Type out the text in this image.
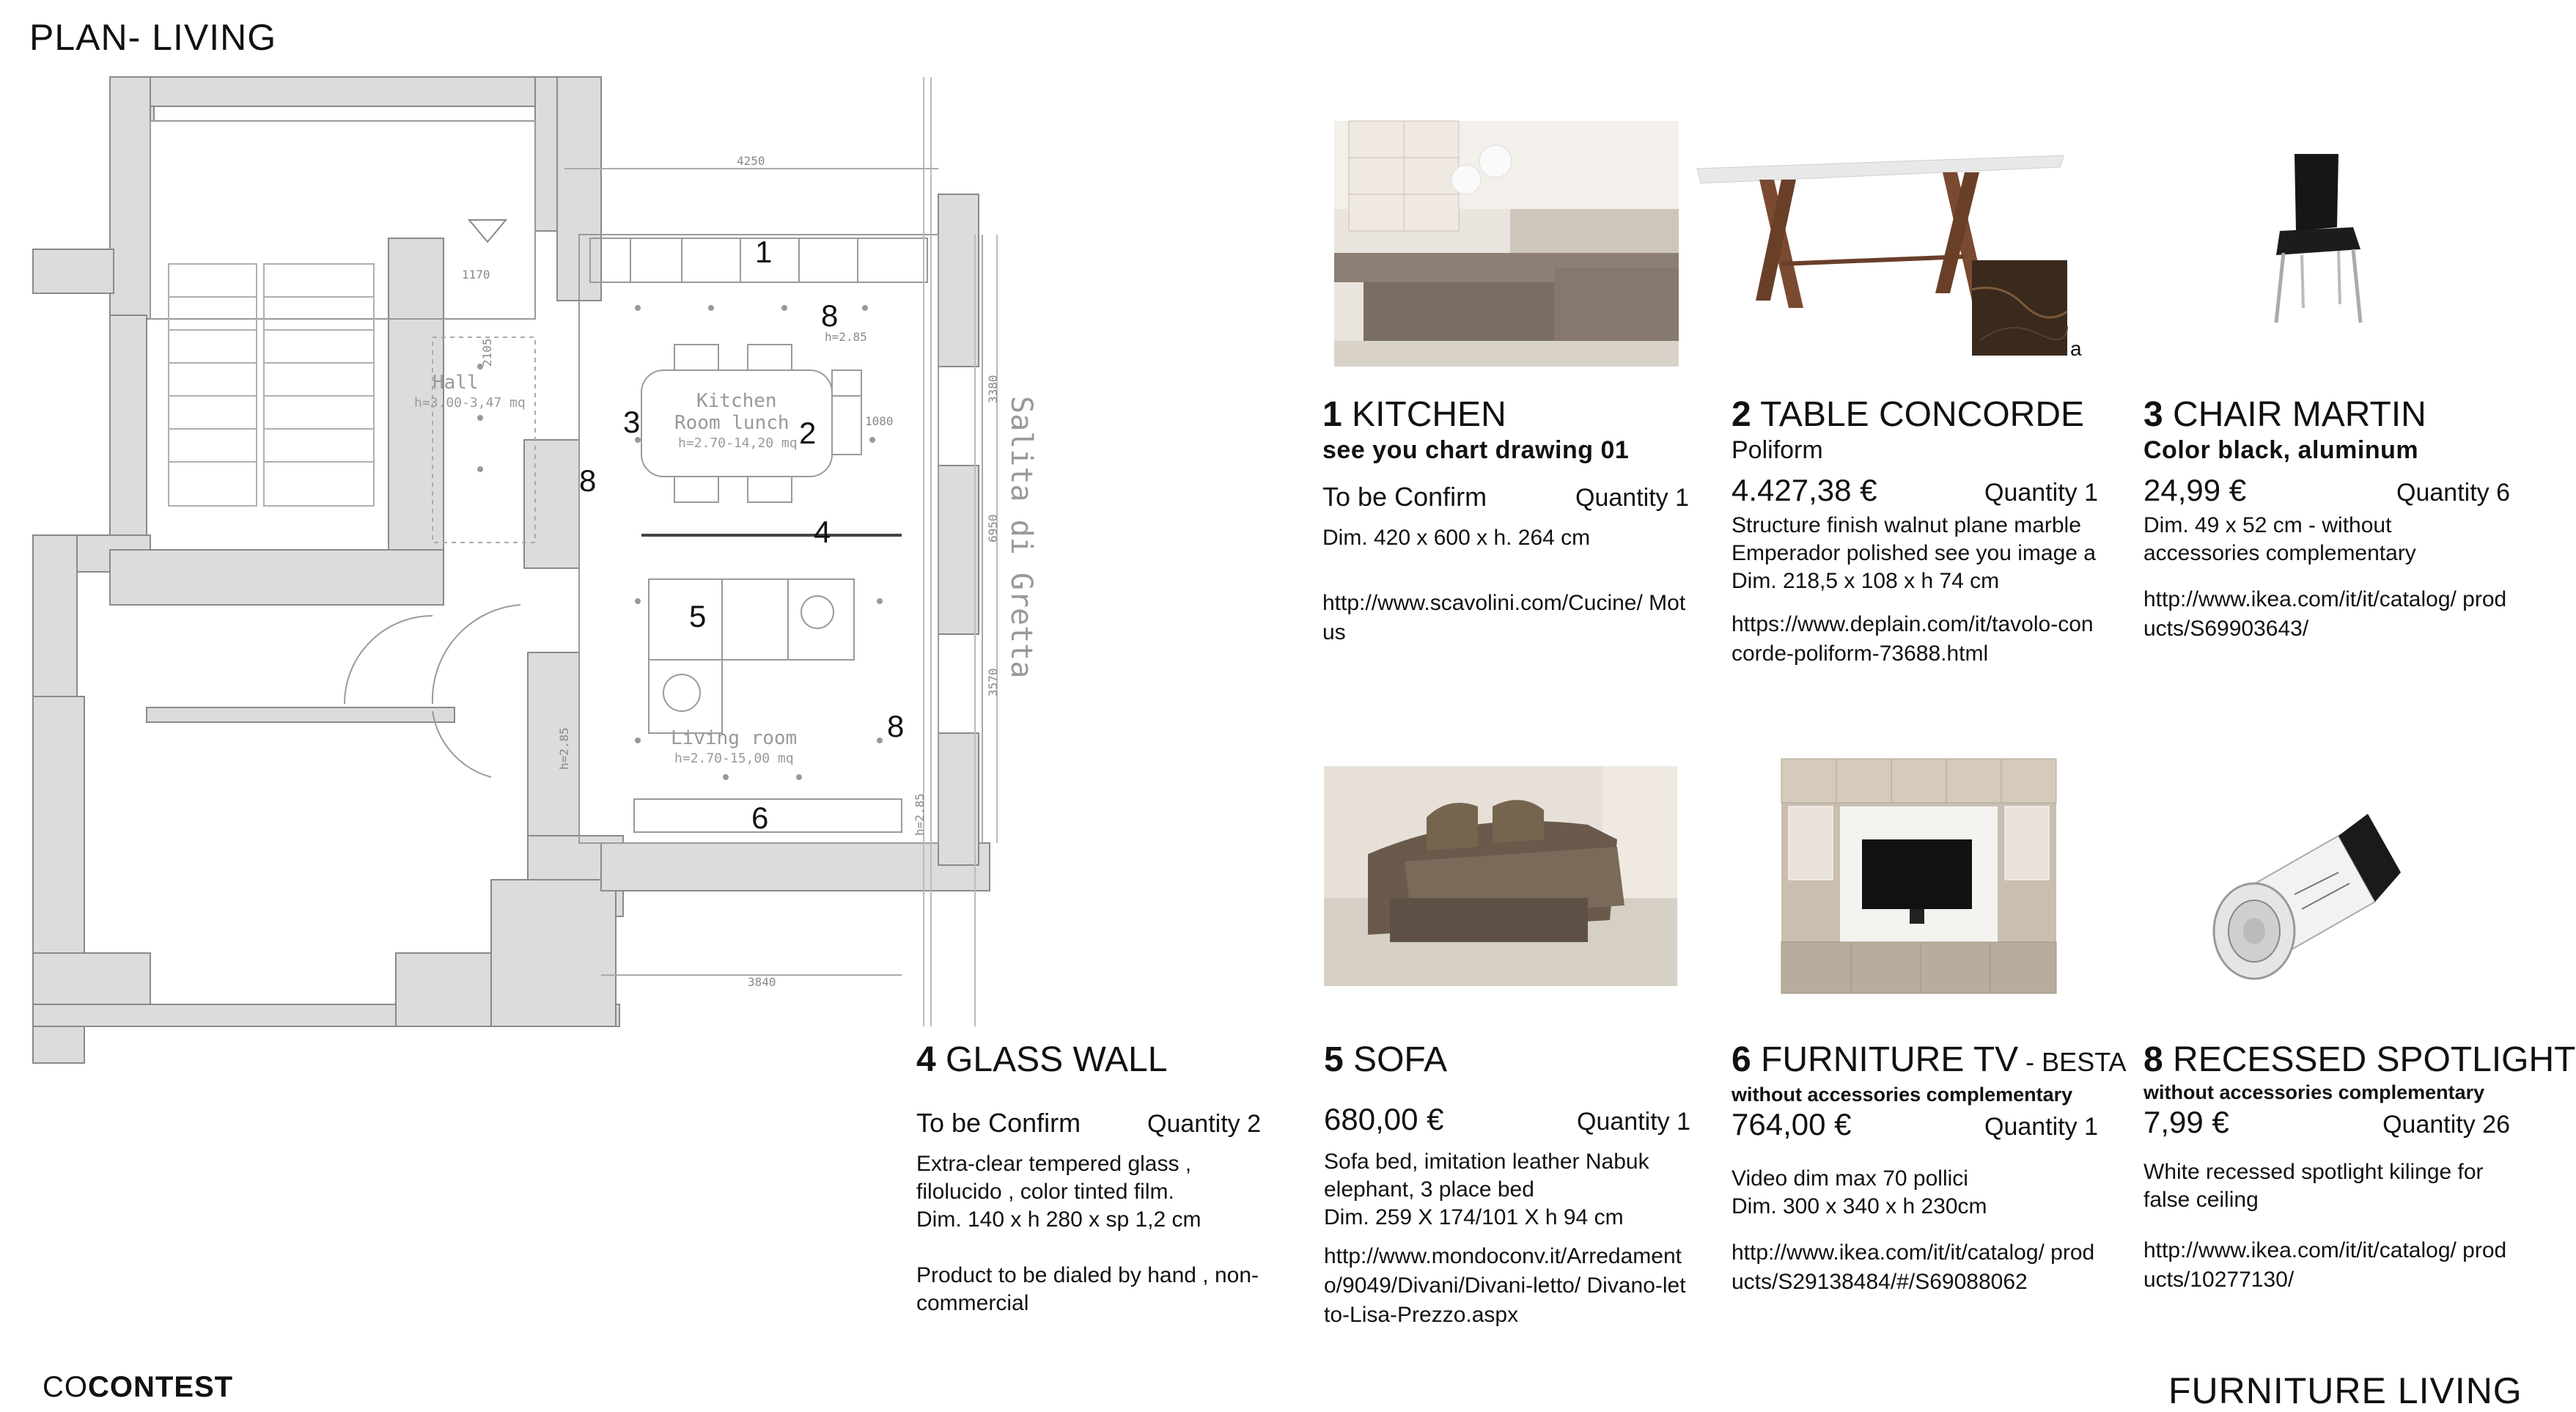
PLAN- LIVING
4250
3840
1170
1080
2105
3380
6950
3570
h=2.85
h=2.85
h=2.85
Hall
h=3.00-3,47 mq	Kitchen
Room lunch
h=2.70-14,20 mq
Living room
h=2.70-15,00 mq
Salita di Gretta
1
8
3	2
8
4
5
8
6
a
1 KITCHEN
see you chart drawing 01
To be Confirm	Quantity 1
Dim. 420 x 600 x h. 264 cm
http://www.scavolini.com/Cucine/ Motus
2 TABLE CONCORDE
Poliform
4.427,38 €	Quantity 1
Structure finish walnut plane marble Emperador polished see you image a
Dim. 218,5 x 108 x h 74 cm
https://www.deplain.com/it/tavolo-concorde-poliform-73688.html
3 CHAIR MARTIN
Color black, aluminum
24,99 €	Quantity 6
Dim. 49 x 52 cm - without accessories complementary
http://www.ikea.com/it/it/catalog/ products/S69903643/
4 GLASS WALL
To be Confirm	Quantity 2
Extra-clear tempered glass , filolucido , color tinted film.
Dim. 140 x h 280 x sp 1,2 cm
Product to be dialed by hand , non-commercial
5 SOFA
680,00 €	Quantity 1
Sofa bed, imitation leather Nabuk elephant, 3 place bed
Dim. 259 X 174/101 X h 94 cm
http://www.mondoconv.it/Arredamento/9049/Divani/Divani-letto/ Divano-letto-Lisa-Prezzo.aspx
6 FURNITURE TV - BESTA
without accessories complementary
764,00 €	Quantity 1
Video dim max 70 pollici
Dim. 300 x 340 x h 230cm
http://www.ikea.com/it/it/catalog/ products/S29138484/#/S69088062
8 RECESSED SPOTLIGHT
without accessories complementary
7,99 €	Quantity 26
White recessed spotlight kilinge for false ceiling
http://www.ikea.com/it/it/catalog/ products/10277130/
COCONTEST	FURNITURE LIVING
